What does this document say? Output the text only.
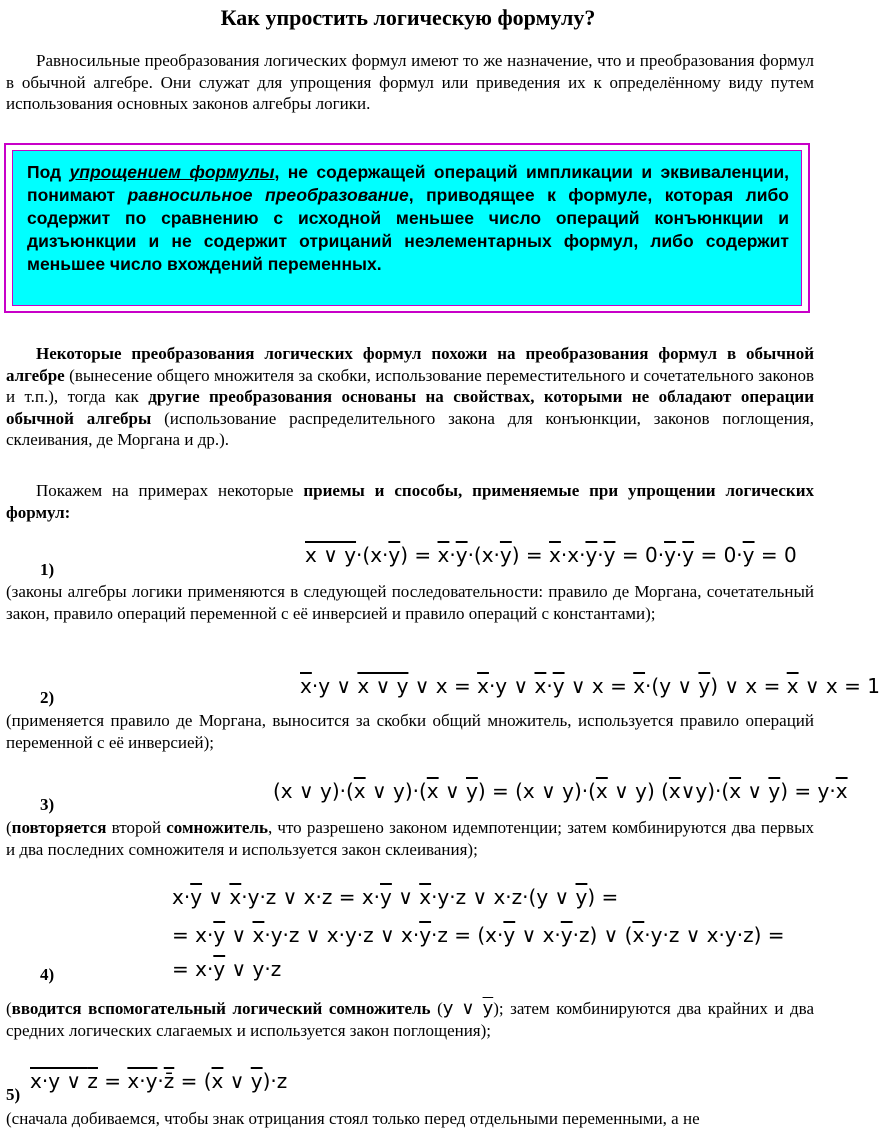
Как упростить логическую формулу?
Равносильные преобразования логических формул имеют то же назначение, что и преобразования формул в обычной алгебре. Они служат для упрощения формул или приведения их к определённому виду путем использования основных законов алгебры логики.
Под упрощением формулы, не содержащей операций импликации и эквиваленции, понимают равносильное преобразование, приводящее к формуле, которая либо содержит по сравнению с исходной меньшее число операций конъюнкции и дизъюнкции и не содержит отрицаний неэлементарных формул, либо содержит меньшее число вхождений переменных.
Некоторые преобразования логических формул похожи на преобразования формул в обычной алгебре (вынесение общего множителя за скобки, использование переместительного и сочетательного законов и т.п.), тогда как другие преобразования основаны на свойствах, которыми не обладают операции обычной алгебры (использование распределительного закона для конъюнкции, законов поглощения, склеивания, де Моргана и др.).
Покажем на примерах некоторые приемы и способы, применяемые при упрощении логических формул:
x ∨ $y\cdot(x\cdot\overline{y}) = \overline{x}\cdot\overline{y}\cdot(x\cdot\overline{y}) = \overline{x}\cdot x\cdot\overline{y}\cdot\overline{y} = 0\cdot\overline{y}\cdot\overline{y} = 0\cdot\overline{y} = 0$
1)
(законы алгебры логики применяются в следующей последовательности: правило де Моргана, сочетательный закон, правило операций переменной с её инверсией и правило операций с константами);
$\overline{x}\cdot y$ ∨ x ∨ y ∨ $x = \overline{x}\cdot y$ ∨ $\overline{x}\cdot\overline{y}$ ∨ $x = \overline{x}\cdot(y$ ∨ $\overline{y}$) ∨ $x = \overline{x}$ ∨ x = 1
2)
(применяется правило де Моргана, выносится за скобки общий множитель, используется правило операций переменной с её инверсией);
(x ∨ $y)\cdot(\overline{x}$ ∨ $y)\cdot(\overline{x}$ ∨ $\overline{y}) = (x$ ∨ $y)\cdot(\overline{x}$ ∨ y) $(\overline{x}\vee y)\cdot(\overline{x}$ ∨ $\overline{y}) = y\cdot\overline{x}$
3)
(повторяется второй сомножитель, что разрешено законом идемпотенции; затем комбинируются два первых и два последних сомножителя и используется закон склеивания);
$x\cdot\overline{y}$ ∨ $\overline{x}\cdot y\cdot z$ ∨ $x\cdot z = x\cdot\overline{y}$ ∨ $\overline{x}\cdot y\cdot z$ ∨ x·z·(y ∨ $\overline{y}$) =
= $x\cdot\overline{y}$ ∨ $\overline{x}\cdot y\cdot z$ ∨ x·y·z ∨ $x\cdot\overline{y}\cdot z = (x\cdot\overline{y}$ ∨ $x\cdot\overline{y}\cdot z$) ∨ ($\overline{x}\cdot y\cdot z$ ∨ x·y·z) =
= $x\cdot\overline{y}$ ∨ y·z
4)
(вводится вспомогательный логический сомножитель (y ∨ $\overline{y}$); затем комбинируются два крайних и два средних логических слагаемых и используется закон поглощения);
x·y ∨ z = x·y·z̄ = ($\overline{x}$ ∨ $\overline{y})\cdot z$
5)
(сначала добиваемся, чтобы знак отрицания стоял только перед отдельными переменными, а не
